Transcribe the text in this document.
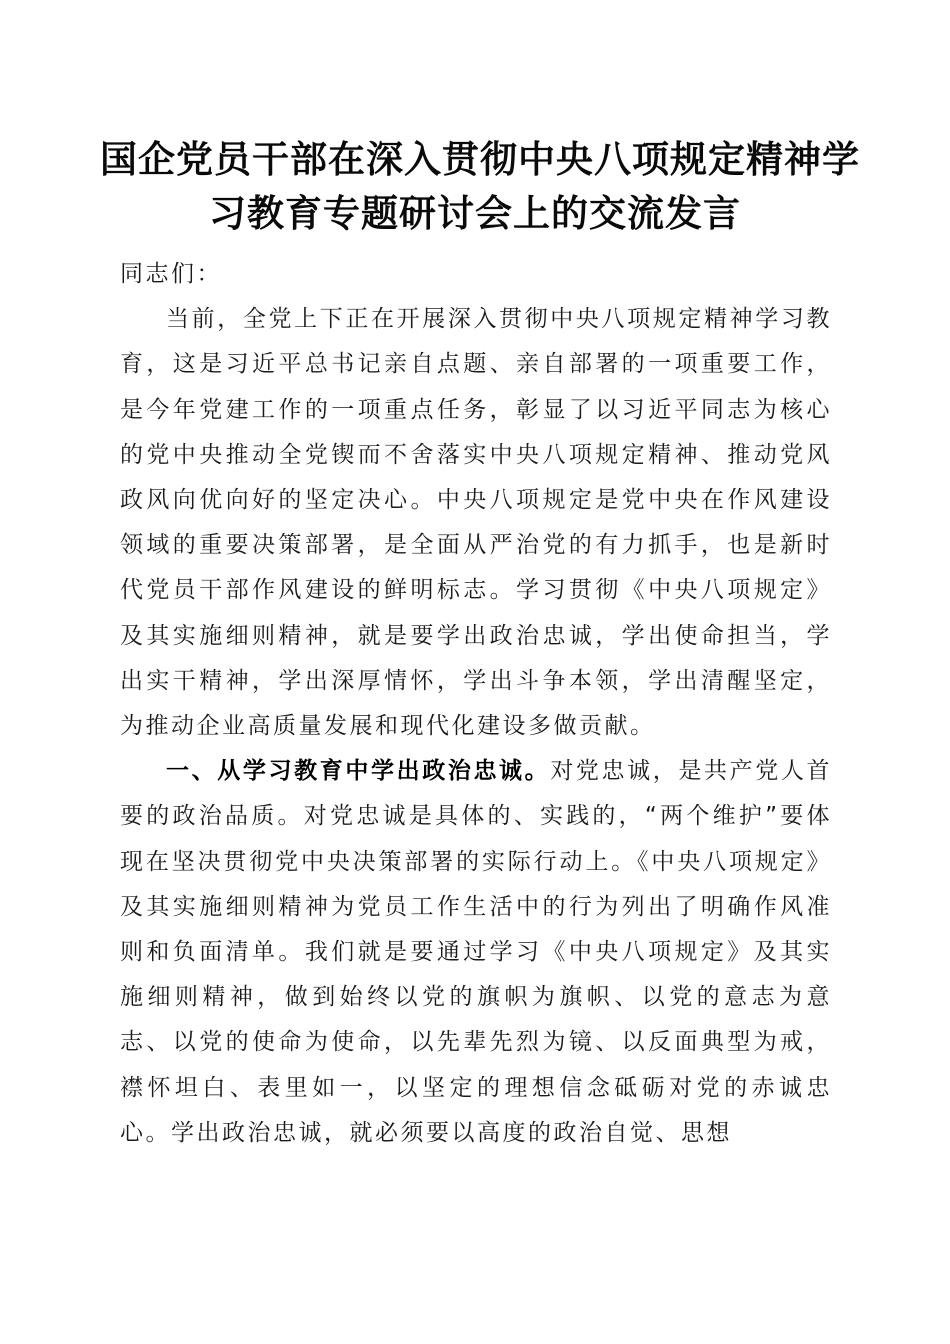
国企党员干部在深入贯彻中央八项规定精神学
习教育专题研讨会上的交流发言

同志们：

当前，全党上下正在开展深入贯彻中央八项规定精神学习教育，这是习近平总书记亲自点题、亲自部署的一项重要工作，是今年党建工作的一项重点任务，彰显了以习近平同志为核心的党中央推动全党锲而不舍落实中央八项规定精神、推动党风政风向优向好的坚定决心。中央八项规定是党中央在作风建设领域的重要决策部署，是全面从严治党的有力抓手，也是新时代党员干部作风建设的鲜明标志。学习贯彻《中央八项规定》及其实施细则精神，就是要学出政治忠诚，学出使命担当，学出实干精神，学出深厚情怀，学出斗争本领，学出清醒坚定，为推动企业高质量发展和现代化建设多做贡献。

一、从学习教育中学出政治忠诚。对党忠诚，是共产党人首要的政治品质。对党忠诚是具体的、实践的，“两个维护”要体现在坚决贯彻党中央决策部署的实际行动上。《中央八项规定》及其实施细则精神为党员工作生活中的行为列出了明确作风准则和负面清单。我们就是要通过学习《中央八项规定》及其实施细则精神，做到始终以党的旗帜为旗帜、以党的意志为意志、以党的使命为使命，以先辈先烈为镜、以反面典型为戒，襟怀坦白、表里如一，以坚定的理想信念砥砺对党的赤诚忠心。学出政治忠诚，就必须要以高度的政治自觉、思想
